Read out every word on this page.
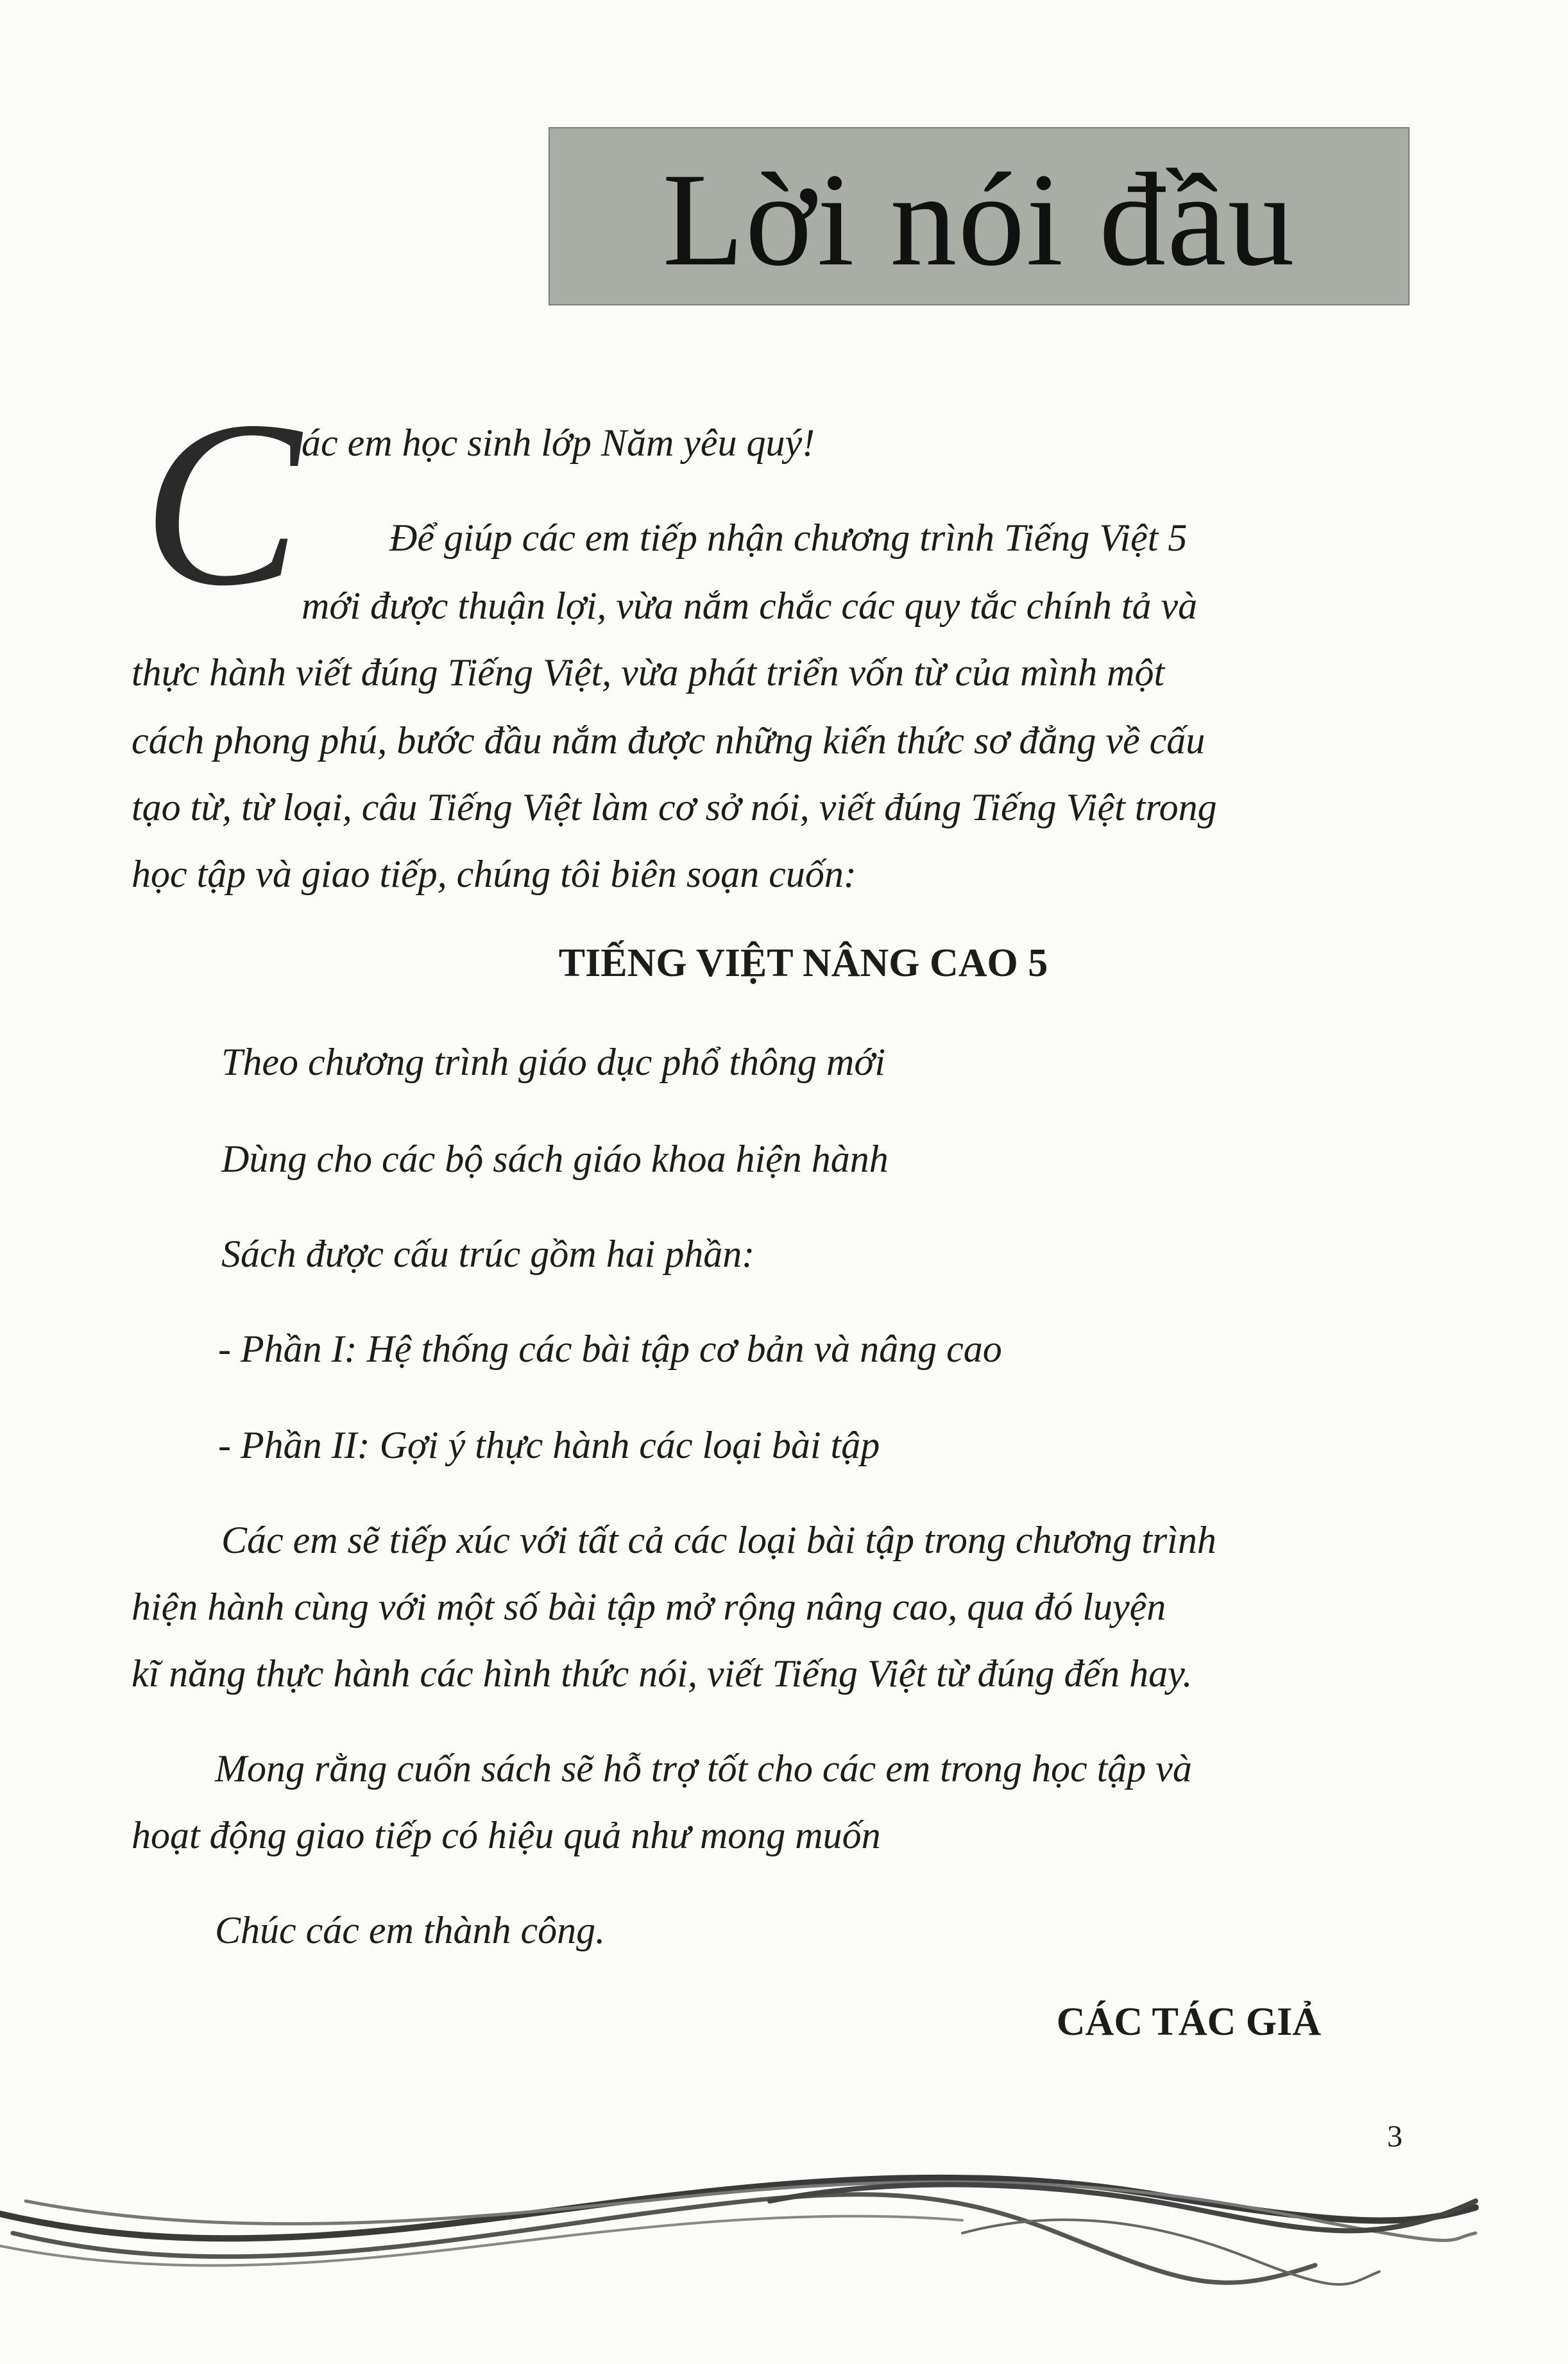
Lời nói đầu
C ác em học sinh lớp Năm yêu quý!
Để giúp các em tiếp nhận chương trình Tiếng Việt 5
mới được thuận lợi, vừa nắm chắc các quy tắc chính tả và
thực hành viết đúng Tiếng Việt, vừa phát triển vốn từ của mình một
cách phong phú, bước đầu nắm được những kiến thức sơ đẳng về cấu
tạo từ, từ loại, câu Tiếng Việt làm cơ sở nói, viết đúng Tiếng Việt trong
học tập và giao tiếp, chúng tôi biên soạn cuốn:
TIẾNG VIỆT NÂNG CAO 5
Theo chương trình giáo dục phổ thông mới
Dùng cho các bộ sách giáo khoa hiện hành
Sách được cấu trúc gồm hai phần:
- Phần I: Hệ thống các bài tập cơ bản và nâng cao
- Phần II: Gợi ý thực hành các loại bài tập
Các em sẽ tiếp xúc với tất cả các loại bài tập trong chương trình
hiện hành cùng với một số bài tập mở rộng nâng cao, qua đó luyện
kĩ năng thực hành các hình thức nói, viết Tiếng Việt từ đúng đến hay.
Mong rằng cuốn sách sẽ hỗ trợ tốt cho các em trong học tập và
hoạt động giao tiếp có hiệu quả như mong muốn
Chúc các em thành công.
CÁC TÁC GIẢ
3
